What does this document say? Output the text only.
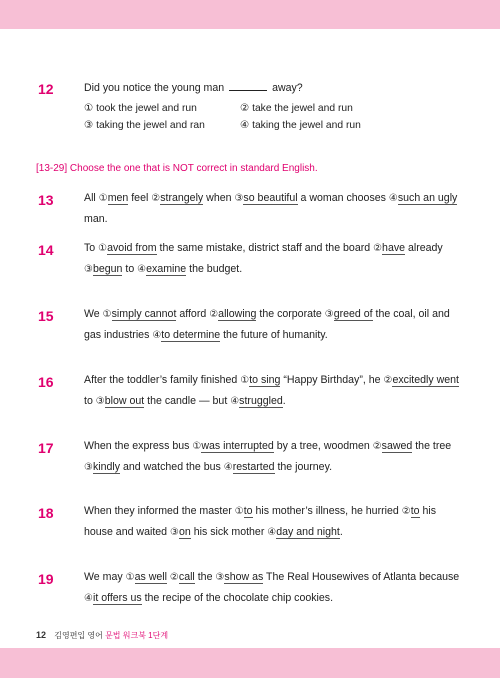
12	Did you notice the young man	away?
① took the jewel and run	② take the jewel and run
③ taking the jewel and ran	④ taking the jewel and run
[13-29] Choose the one that is NOT correct in standard English.
13	All ①men feel ②strangely when ③so beautiful a woman chooses ④such an ugly man.
14	To ①avoid from the same mistake, district staff and the board ②have already ③begun to ④examine the budget.
15	We ①simply cannot afford ②allowing the corporate ③greed of the coal, oil and gas industries ④to determine the future of humanity.
16	After the toddler’s family finished ①to sing “Happy Birthday”, he ②excitedly went to ③blow out the candle — but ④struggled.
17	When the express bus ①was interrupted by a tree, woodmen ②sawed the tree ③kindly and watched the bus ④restarted the journey.
18	When they informed the master ①to his mother’s illness, he hurried ②to his house and waited ③on his sick mother ④day and night.
19	We may ①as well ②call the ③show as The Real Housewives of Atlanta because ④it offers us the recipe of the chocolate chip cookies.
12 김영편입 영어 문법 워크북 1단계
